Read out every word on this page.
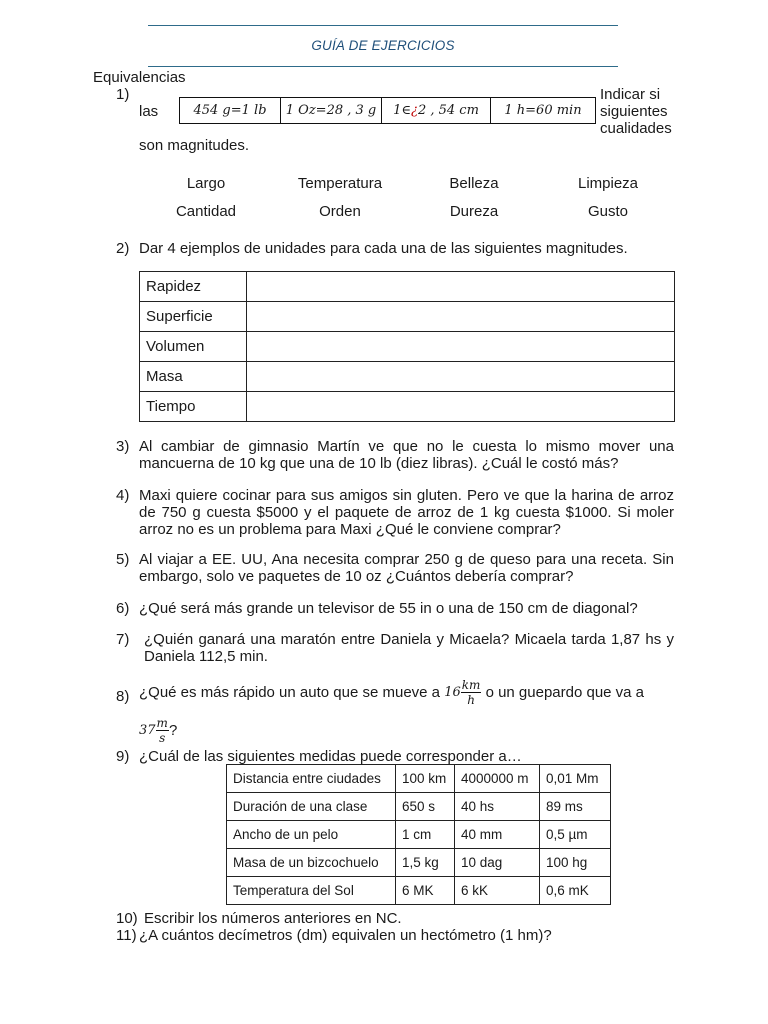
GUÍA DE EJERCICIOS
Equivalencias
1)
las	454 g=1 lb	1 Oz=28 , 3 g	1∈¿2 , 54 cm	1 h=60 min
Indicar si siguientes cualidades
son magnitudes.
Largo	Temperatura	Belleza	Limpieza
Cantidad	Orden	Dureza	Gusto
2) Dar 4 ejemplos de unidades para cada una de las siguientes magnitudes.
Rapidez	
Superficie	
Volumen	
Masa	
Tiempo	
3) Al cambiar de gimnasio Martín ve que no le cuesta lo mismo mover una mancuerna de 10 kg que una de 10 lb (diez libras). ¿Cuál le costó más?
4) Maxi quiere cocinar para sus amigos sin gluten. Pero ve que la harina de arroz de 750 g cuesta $5000 y el paquete de arroz de 1 kg cuesta $1000. Si moler arroz no es un problema para Maxi ¿Qué le conviene comprar?
5) Al viajar a EE. UU, Ana necesita comprar 250 g de queso para una receta. Sin embargo, solo ve paquetes de 10 oz ¿Cuántos debería comprar?
6) ¿Qué será más grande un televisor de 55 in o una de 150 cm de diagonal?
7) ¿Quién ganará una maratón entre Daniela y Micaela? Micaela tarda 1,87 hs y Daniela 112,5 min.
8) ¿Qué es más rápido un auto que se mueve a $16 \frac{km}{h}$ o un guepardo que va a
$37 \frac{m}{s}$ ?
9) ¿Cuál de las siguientes medidas puede corresponder a…
Distancia entre ciudades	100 km	4000000 m	0,01 Mm
Duración de una clase	650 s	40 hs	89 ms
Ancho de un pelo	1 cm	40 mm	0,5 µm
Masa de un bizcochuelo	1,5 kg	10 dag	100 hg
Temperatura del Sol	6 MK	6 kK	0,6 mK
10) Escribir los números anteriores en NC.
11) ¿A cuántos decímetros (dm) equivalen un hectómetro (1 hm)?
